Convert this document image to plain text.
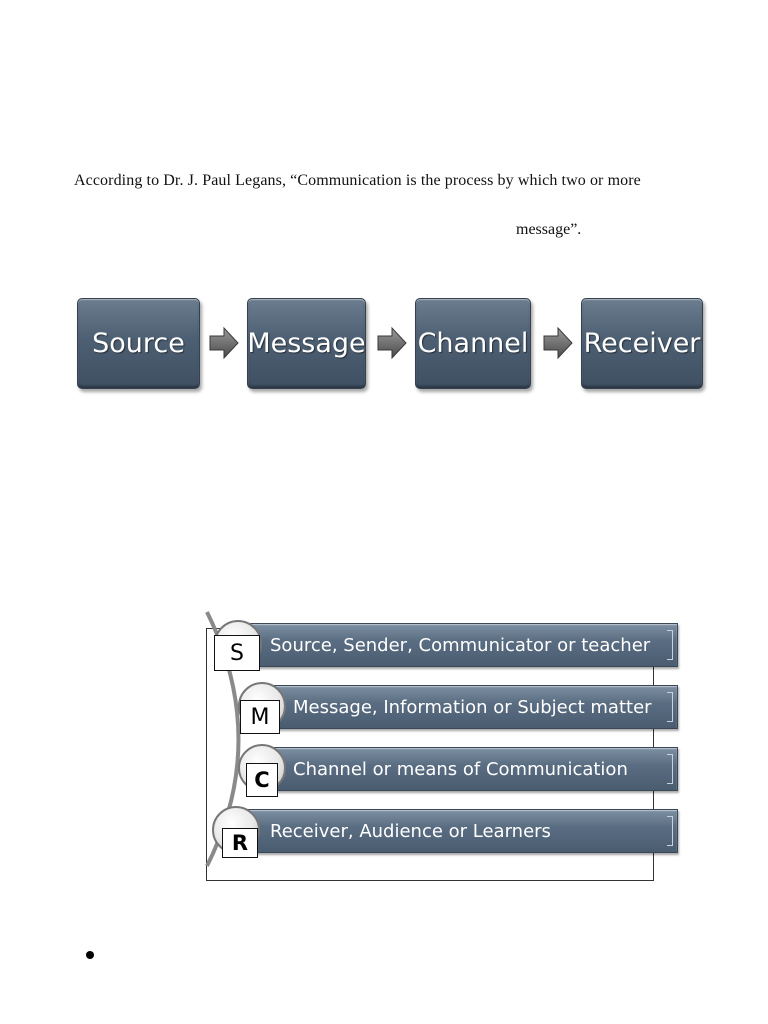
According to Dr. J. Paul Legans, “Communication is the process by which two or more
message”.
Source	Message Channel Receiver
Source, Sender, Communicator or teacher
S
Message, Information or Subject matter
M
Channel or means of Communication
C
Receiver, Audience or Learners
R
